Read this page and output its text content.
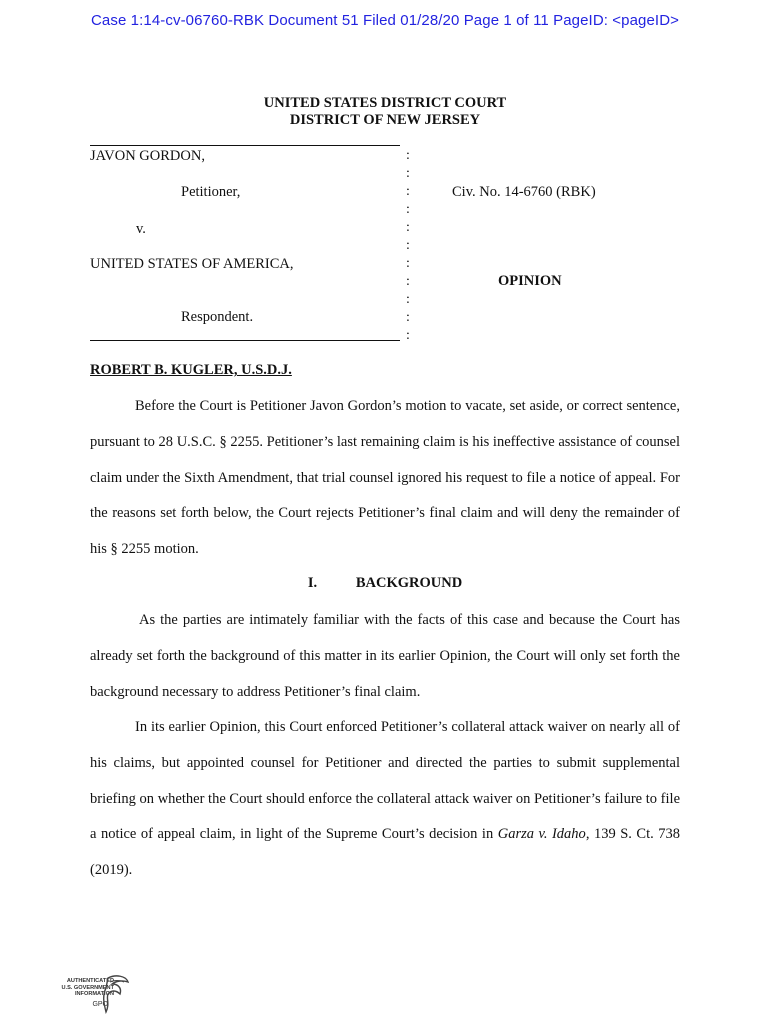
Case 1:14-cv-06760-RBK Document 51 Filed 01/28/20 Page 1 of 11 PageID: <pageID>
UNITED STATES DISTRICT COURT
DISTRICT OF NEW JERSEY
JAVON GORDON,
Petitioner,
v.
UNITED STATES OF AMERICA,
Respondent.
:
:
:
:
:
:
:
:
:
:
:
Civ. No. 14-6760 (RBK)
OPINION
ROBERT B. KUGLER, U.S.D.J.
Before the Court is Petitioner Javon Gordon’s motion to vacate, set aside, or correct sentence, pursuant to 28 U.S.C. § 2255. Petitioner’s last remaining claim is his ineffective assistance of counsel claim under the Sixth Amendment, that trial counsel ignored his request to file a notice of appeal. For the reasons set forth below, the Court rejects Petitioner’s final claim and will deny the remainder of his § 2255 motion.
I.	BACKGROUND
As the parties are intimately familiar with the facts of this case and because the Court has already set forth the background of this matter in its earlier Opinion, the Court will only set forth the background necessary to address Petitioner’s final claim.
In its earlier Opinion, this Court enforced Petitioner’s collateral attack waiver on nearly all of his claims, but appointed counsel for Petitioner and directed the parties to submit supplemental briefing on whether the Court should enforce the collateral attack waiver on Petitioner’s failure to file a notice of appeal claim, in light of the Supreme Court’s decision in Garza v. Idaho, 139 S. Ct. 738 (2019).
AUTHENTICATED
U.S. GOVERNMENT
INFORMATION
GPO
